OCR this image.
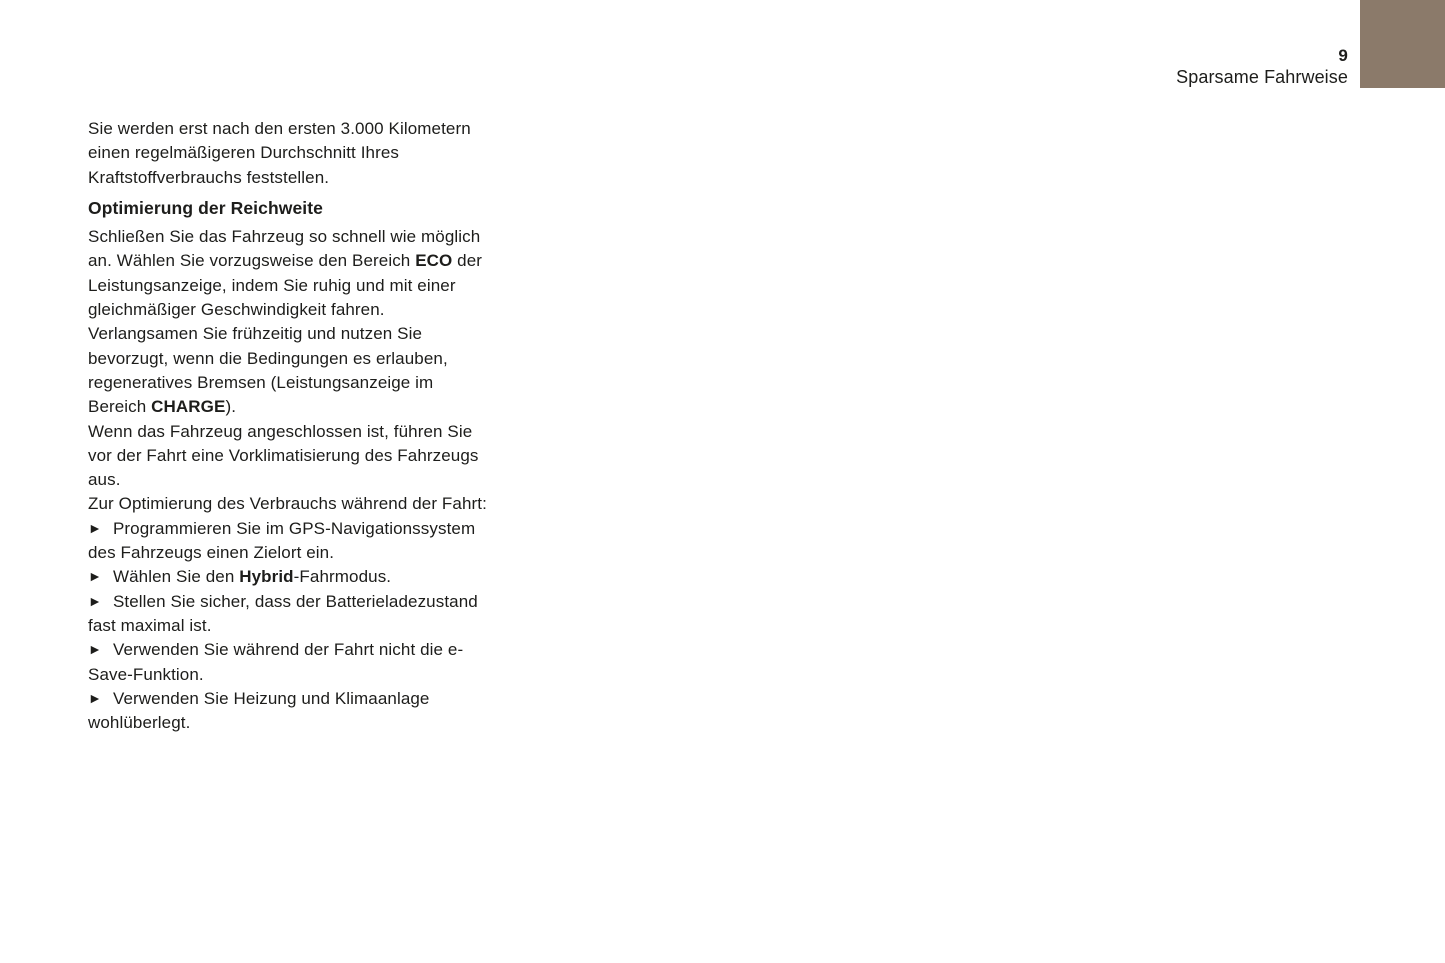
9
Sparsame Fahrweise

Sie werden erst nach den ersten 3.000 Kilometern einen regelmäßigeren Durchschnitt Ihres Kraftstoffverbrauchs feststellen.

Optimierung der Reichweite

Schließen Sie das Fahrzeug so schnell wie möglich an. Wählen Sie vorzugsweise den Bereich ECO der Leistungsanzeige, indem Sie ruhig und mit einer gleichmäßiger Geschwindigkeit fahren. Verlangsamen Sie frühzeitig und nutzen Sie bevorzugt, wenn die Bedingungen es erlauben, regeneratives Bremsen (Leistungsanzeige im Bereich CHARGE).

Wenn das Fahrzeug angeschlossen ist, führen Sie vor der Fahrt eine Vorklimatisierung des Fahrzeugs aus.

Zur Optimierung des Verbrauchs während der Fahrt:

► Programmieren Sie im GPS-Navigationssystem des Fahrzeugs einen Zielort ein.

► Wählen Sie den Hybrid-Fahrmodus.

► Stellen Sie sicher, dass der Batterieladezustand fast maximal ist.

► Verwenden Sie während der Fahrt nicht die e-Save-Funktion.

► Verwenden Sie Heizung und Klimaanlage wohlüberlegt.
